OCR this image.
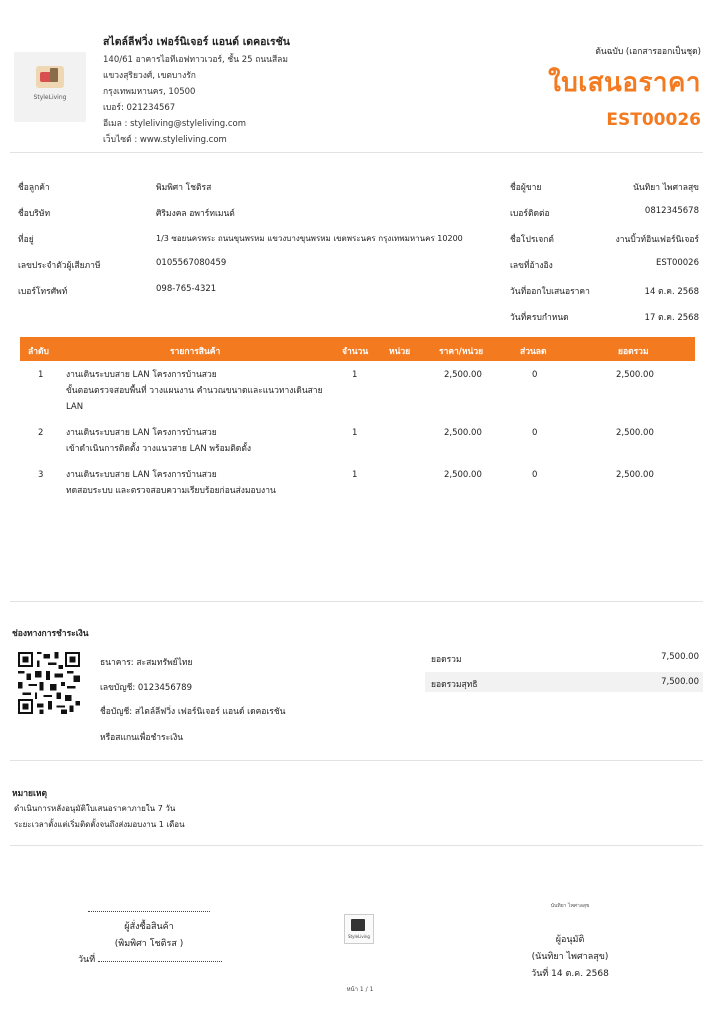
StyleLiving
สไตล์ลีฟวิ่ง เฟอร์นิเจอร์ แอนด์ เดคอเรชัน
140/61 อาคารไอทีเอฟทาวเวอร์, ชั้น 25 ถนนสีลม
แขวงสุริยวงศ์, เขตบางรัก
กรุงเทพมหานคร, 10500
เบอร์: 021234567
อีเมล : styleliving@styleliving.com
เว็บไซต์ : www.styleliving.com
ต้นฉบับ (เอกสารออกเป็นชุด)
ใบเสนอราคา
EST00026
ชื่อลูกค้า	พิมพิศา โชติรส
ชื่อบริษัท	ศิริมงคล อพาร์ทเมนต์
ที่อยู่	1/3 ซอยนครพระ ถนนขุนพรหม แขวงบางขุนพรหม เขตพระนคร กรุงเทพมหานคร 10200
เลขประจำตัวผู้เสียภาษี	0105567080459
เบอร์โทรศัพท์	098-765-4321
ชื่อผู้ขาย	นันทิยา ไพศาลสุข
เบอร์ติดต่อ	0812345678
ชื่อโปรเจกต์	งานบิ้วท์อินเฟอร์นิเจอร์
เลขที่อ้างอิง	EST00026
วันที่ออกใบเสนอราคา	14 ต.ค. 2568
วันที่ครบกำหนด	17 ต.ค. 2568
ลำดับ	รายการสินค้า	จำนวน หน่วย	ราคา/หน่วย	ส่วนลด	ยอดรวม
1	งานเดินระบบสาย LAN โครงการบ้านสวย
ขั้นตอนตรวจสอบพื้นที่ วางแผนงาน คำนวณขนาดและแนวทางเดินสาย
LAN
1	2,500.00	0	2,500.00
2	งานเดินระบบสาย LAN โครงการบ้านสวย
เข้าดำเนินการติดตั้ง วางแนวสาย LAN พร้อมติดตั้ง
1	2,500.00	0	2,500.00
3	งานเดินระบบสาย LAN โครงการบ้านสวย
ทดสอบระบบ และตรวจสอบความเรียบร้อยก่อนส่งมอบงาน
1	2,500.00	0	2,500.00
ช่องทางการชำระเงิน
ธนาคาร: สะสมทรัพย์ไทย
เลขบัญชี: 0123456789
ชื่อบัญชี: สไตล์ลีฟวิ่ง เฟอร์นิเจอร์ แอนด์ เดคอเรชัน
หรือสแกนเพื่อชำระเงิน
ยอดรวม	7,500.00
ยอดรวมสุทธิ	7,500.00
หมายเหตุ
ดำเนินการหลังอนุมัติใบเสนอราคาภายใน 7 วัน
ระยะเวลาตั้งแต่เริ่มติดตั้งจนถึงส่งมอบงาน 1 เดือน
ผู้สั่งซื้อสินค้า
(พิมพิศา โชติรส )
วันที่
StyleLiving
นันทิยา ไพศาลสุข
ผู้อนุมัติ
(นันทิยา ไพศาลสุข)
วันที่ 14 ต.ค. 2568
หน้า 1 / 1
